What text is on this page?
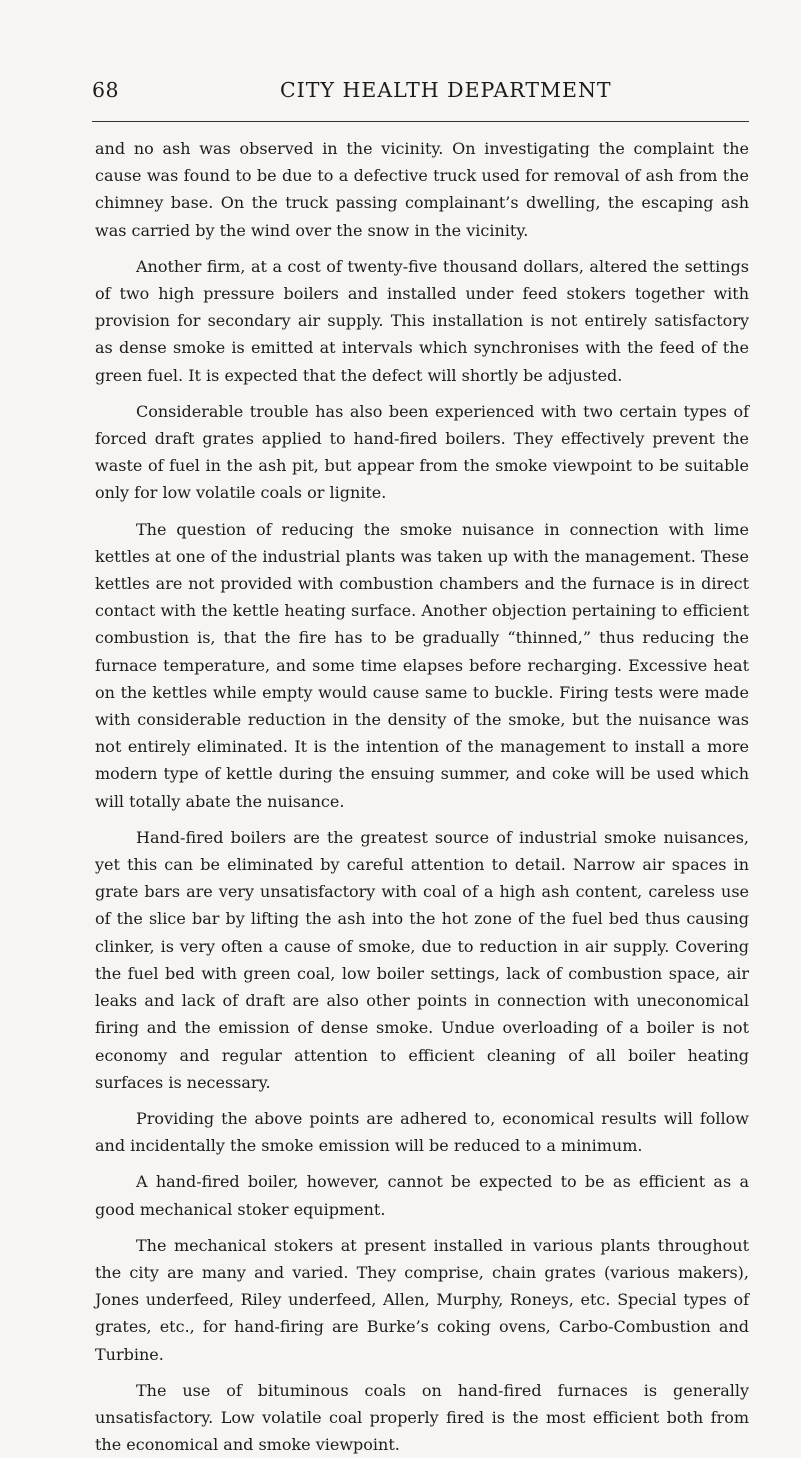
68	CITY HEALTH DEPARTMENT

and no ash was observed in the vicinity. On investigating the complaint the cause was found to be due to a defective truck used for removal of ash from the chimney base. On the truck passing complainant’s dwelling, the escaping ash was carried by the wind over the snow in the vicinity.

Another firm, at a cost of twenty-five thousand dollars, altered the settings of two high pressure boilers and installed under feed stokers together with provision for secondary air supply. This installation is not entirely satisfactory as dense smoke is emitted at intervals which synchronises with the feed of the green fuel. It is expected that the defect will shortly be adjusted.

Considerable trouble has also been experienced with two certain types of forced draft grates applied to hand-fired boilers. They effectively prevent the waste of fuel in the ash pit, but appear from the smoke viewpoint to be suitable only for low volatile coals or lignite.

The question of reducing the smoke nuisance in connection with lime kettles at one of the industrial plants was taken up with the management. These kettles are not provided with combustion chambers and the furnace is in direct contact with the kettle heating surface. Another objection pertaining to efficient combustion is, that the fire has to be gradually “thinned,” thus reducing the furnace temperature, and some time elapses before recharging. Excessive heat on the kettles while empty would cause same to buckle. Firing tests were made with considerable reduction in the density of the smoke, but the nuisance was not entirely eliminated. It is the intention of the management to install a more modern type of kettle during the ensuing summer, and coke will be used which will totally abate the nuisance.

Hand-fired boilers are the greatest source of industrial smoke nuisances, yet this can be eliminated by careful attention to detail. Narrow air spaces in grate bars are very unsatisfactory with coal of a high ash content, careless use of the slice bar by lifting the ash into the hot zone of the fuel bed thus causing clinker, is very often a cause of smoke, due to reduction in air supply. Covering the fuel bed with green coal, low boiler settings, lack of combustion space, air leaks and lack of draft are also other points in connection with uneconomical firing and the emission of dense smoke. Undue overloading of a boiler is not economy and regular attention to efficient cleaning of all boiler heating surfaces is necessary.

Providing the above points are adhered to, economical results will follow and incidentally the smoke emission will be reduced to a minimum.

A hand-fired boiler, however, cannot be expected to be as efficient as a good mechanical stoker equipment.

The mechanical stokers at present installed in various plants throughout the city are many and varied. They comprise, chain grates (various makers), Jones underfeed, Riley underfeed, Allen, Murphy, Roneys, etc. Special types of grates, etc., for hand-firing are Burke’s coking ovens, Carbo-Combustion and Turbine.

The use of bituminous coals on hand-fired furnaces is generally unsatisfactory. Low volatile coal properly fired is the most efficient both from the economical and smoke viewpoint.
